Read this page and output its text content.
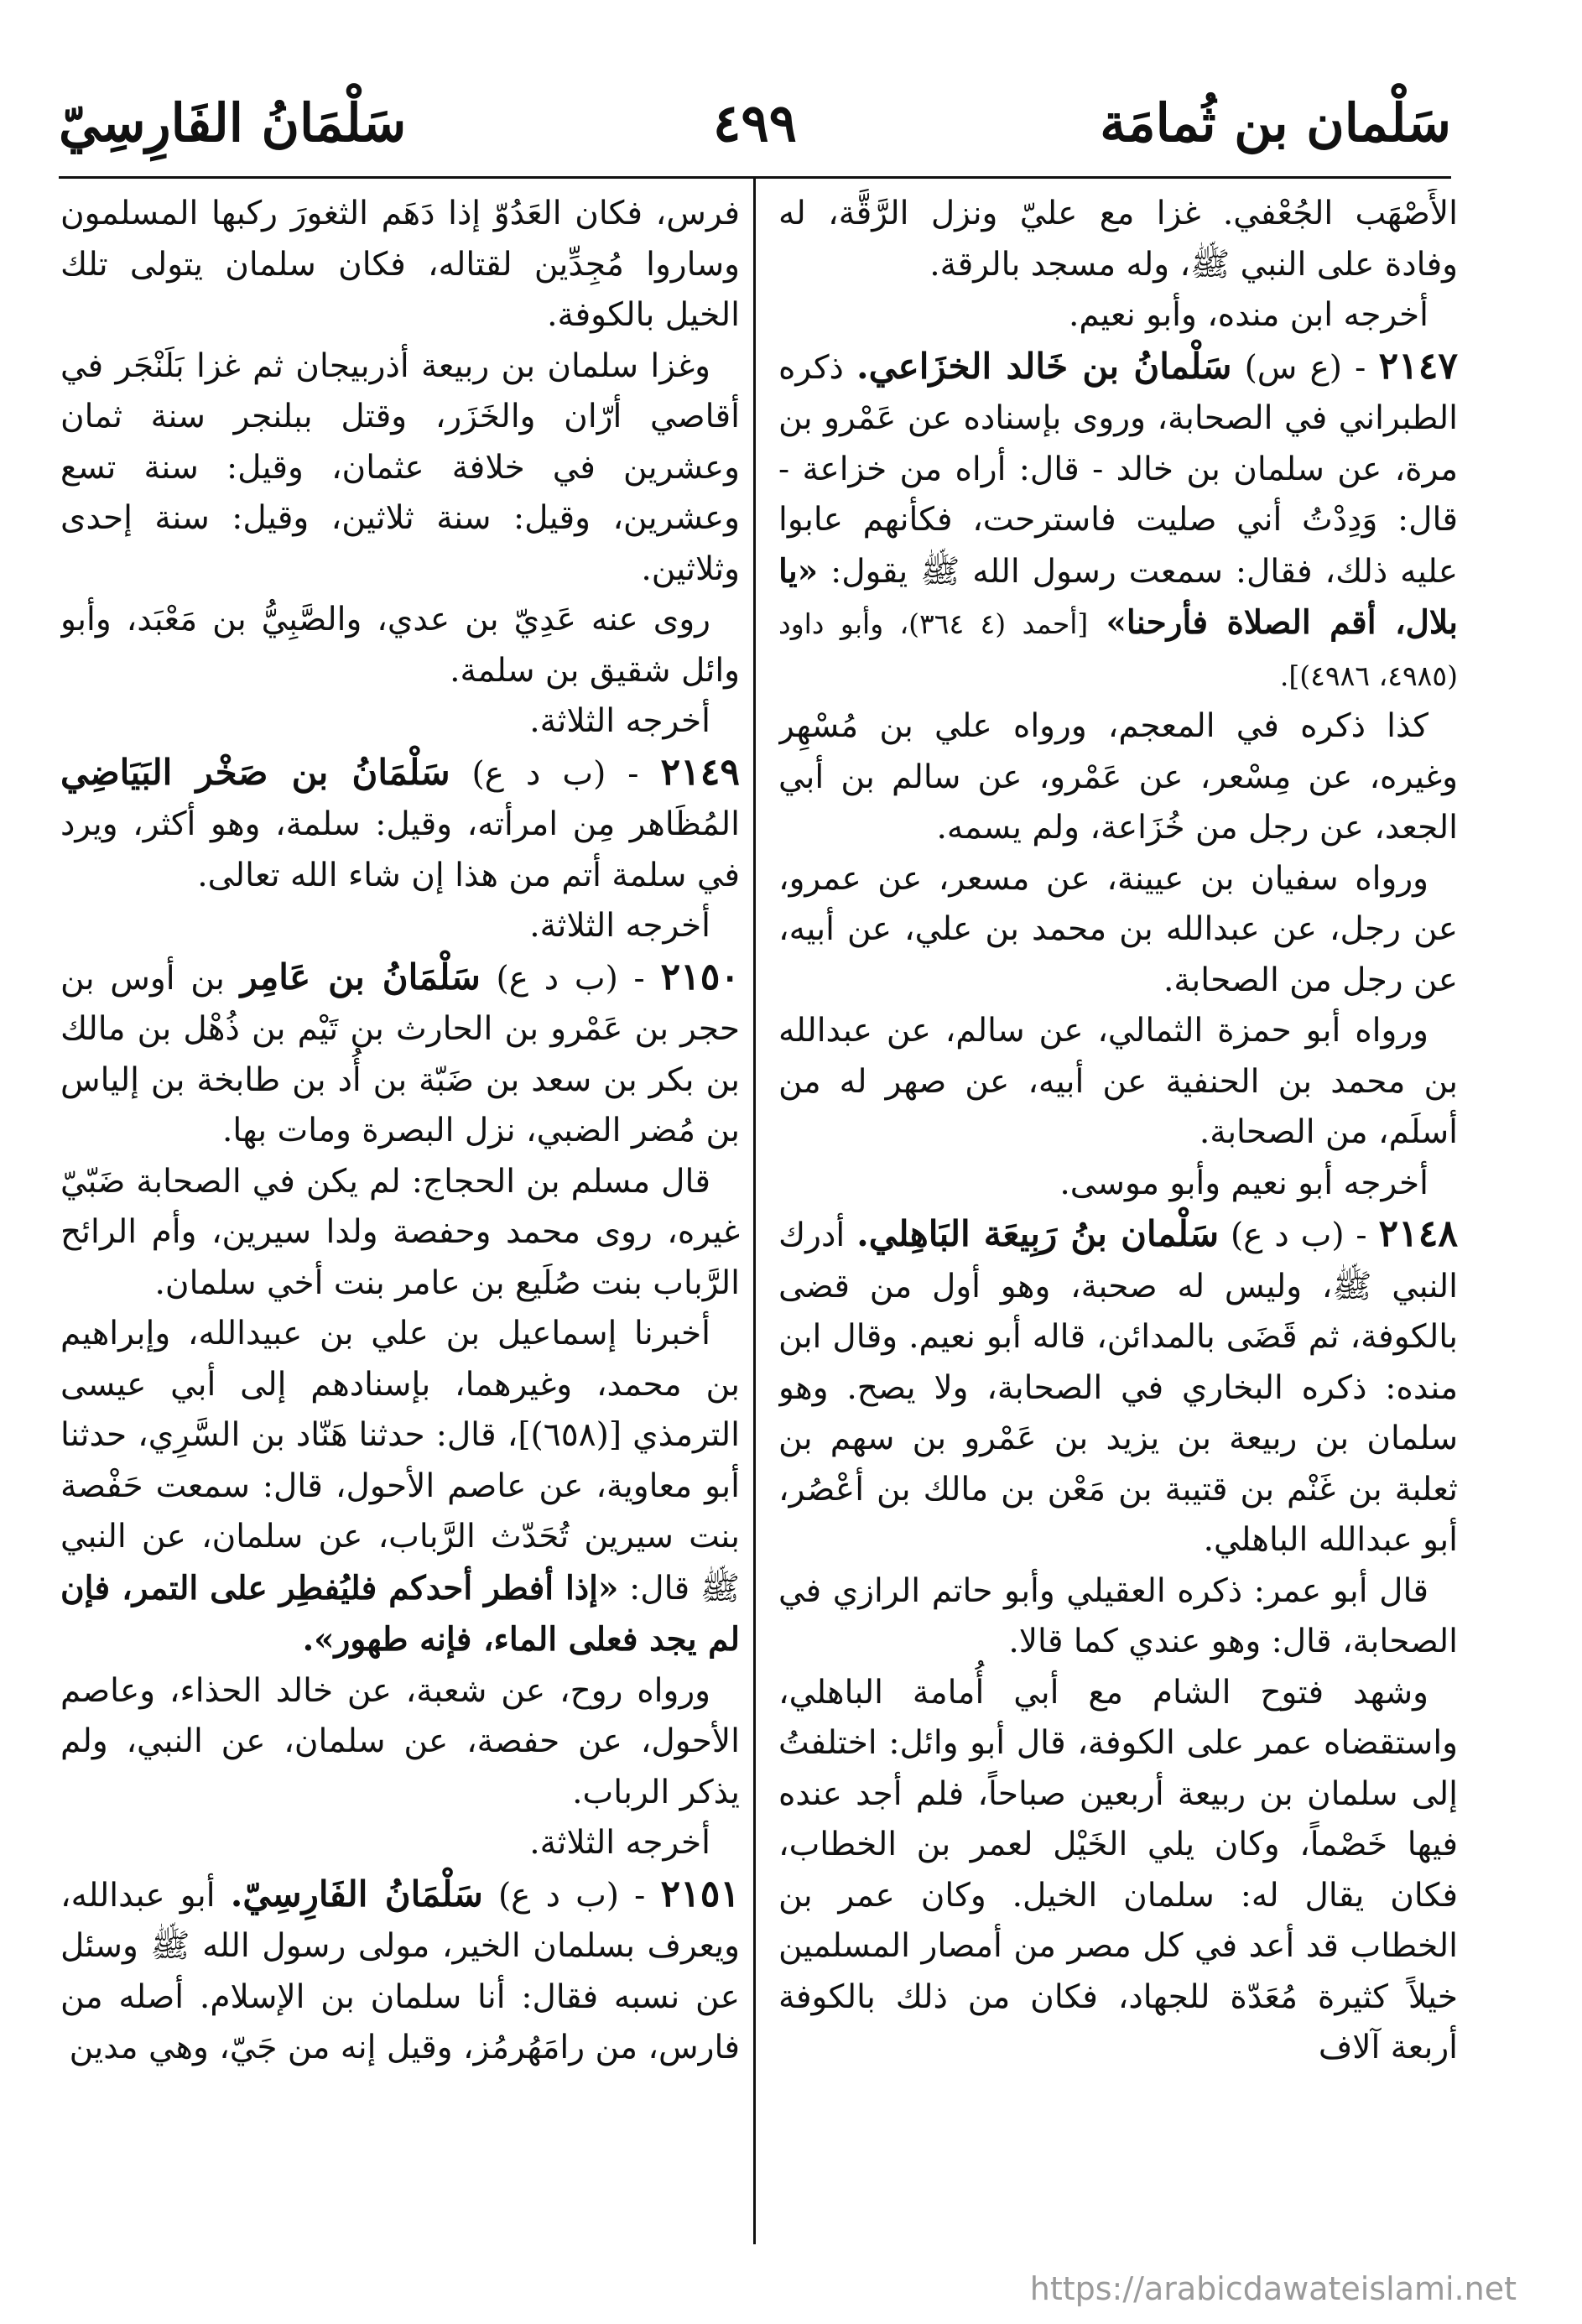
سَلْمان بن ثُمامَة
٤٩٩
سَلْمَانُ الفَارِسِيّ

الأَصْهَب الجُعْفي. غزا مع عليّ ونزل الرَّقَّة، له وفادة على النبي ﷺ، وله مسجد بالرقة.

أخرجه ابن منده، وأبو نعيم.

٢١٤٧ - (ع س) سَلْمانُ بن خَالد الخزَاعي. ذكره الطبراني في الصحابة، وروى بإسناده عن عَمْرو بن مرة، عن سلمان بن خالد - قال: أراه من خزاعة - قال: وَدِدْتُ أني صليت فاسترحت، فكأنهم عابوا عليه ذلك، فقال: سمعت رسول الله ﷺ يقول: «يا بلال، أقم الصلاة فأرحنا» [أحمد (٤ ٣٦٤)، وأبو داود (٤٩٨٥، ٤٩٨٦)].

كذا ذكره في المعجم، ورواه علي بن مُسْهِر وغيره، عن مِسْعر، عن عَمْرو، عن سالم بن أبي الجعد، عن رجل من خُزَاعة، ولم يسمه.

ورواه سفيان بن عيينة، عن مسعر، عن عمرو، عن رجل، عن عبدالله بن محمد بن علي، عن أبيه، عن رجل من الصحابة.

ورواه أبو حمزة الثمالي، عن سالم، عن عبدالله بن محمد بن الحنفية عن أبيه، عن صهر له من أسلَم، من الصحابة.

أخرجه أبو نعيم وأبو موسى.

٢١٤٨ - (ب د ع) سَلْمان بنُ رَبِيعَة البَاهِلي. أدرك النبي ﷺ، وليس له صحبة، وهو أول من قضى بالكوفة، ثم قَضَى بالمدائن، قاله أبو نعيم. وقال ابن منده: ذكره البخاري في الصحابة، ولا يصح. وهو سلمان بن ربيعة بن يزيد بن عَمْرو بن سهم بن ثعلبة بن غَنْم بن قتيبة بن مَعْن بن مالك بن أعْصُر، أبو عبدالله الباهلي.

قال أبو عمر: ذكره العقيلي وأبو حاتم الرازي في الصحابة، قال: وهو عندي كما قالا.

وشهد فتوح الشام مع أبي أُمامة الباهلي، واستقضاه عمر على الكوفة، قال أبو وائل: اختلفتُ إلى سلمان بن ربيعة أربعين صباحاً، فلم أجد عنده فيها خَصْماً، وكان يلي الخَيْل لعمر بن الخطاب، فكان يقال له: سلمان الخيل. وكان عمر بن الخطاب قد أعد في كل مصر من أمصار المسلمين خيلاً كثيرة مُعَدّة للجهاد، فكان من ذلك بالكوفة أربعة آلاف

فرس، فكان العَدُوّ إذا دَهَم الثغورَ ركبها المسلمون وساروا مُجِدِّين لقتاله، فكان سلمان يتولى تلك الخيل بالكوفة.

وغزا سلمان بن ربيعة أذربيجان ثم غزا بَلَنْجَر في أقاصي أرّان والخَزَر، وقتل ببلنجر سنة ثمان وعشرين في خلافة عثمان، وقيل: سنة تسع وعشرين، وقيل: سنة ثلاثين، وقيل: سنة إحدى وثلاثين.

روى عنه عَدِيّ بن عدي، والصَّبِيُّ بن مَعْبَد، وأبو وائل شقيق بن سلمة.

أخرجه الثلاثة.

٢١٤٩ - (ب د ع) سَلْمَانُ بن صَخْر البَيَاضِي المُظَاهر مِن امرأته، وقيل: سلمة، وهو أكثر، ويرد في سلمة أتم من هذا إن شاء الله تعالى.

أخرجه الثلاثة.

٢١٥٠ - (ب د ع) سَلْمَانُ بن عَامِر بن أوس بن حجر بن عَمْرو بن الحارث بن تَيْم بن ذُهْل بن مالك بن بكر بن سعد بن ضَبّة بن أُد بن طابخة بن إلياس بن مُضر الضبي، نزل البصرة ومات بها.

قال مسلم بن الحجاج: لم يكن في الصحابة ضَبّيّ غيره، روى محمد وحفصة ولدا سيرين، وأم الرائح الرَّباب بنت صُلَيع بن عامر بنت أخي سلمان.

أخبرنا إسماعيل بن علي بن عبيدالله، وإبراهيم بن محمد، وغيرهما، بإسنادهم إلى أبي عيسى الترمذي [(٦٥٨)]، قال: حدثنا هَنّاد بن السَّرِي، حدثنا أبو معاوية، عن عاصم الأحول، قال: سمعت حَفْصة بنت سيرين تُحَدّث الرَّباب، عن سلمان، عن النبي ﷺ قال: «إذا أفطر أحدكم فليُفطِر على التمر، فإن لم يجد فعلى الماء، فإنه طهور».

ورواه روح، عن شعبة، عن خالد الحذاء، وعاصم الأحول، عن حفصة، عن سلمان، عن النبي، ولم يذكر الرباب.

أخرجه الثلاثة.

٢١٥١ - (ب د ع) سَلْمَانُ الفَارِسِيّ. أبو عبدالله، ويعرف بسلمان الخير، مولى رسول الله ﷺ وسئل عن نسبه فقال: أنا سلمان بن الإسلام. أصله من فارس، من رامَهُرمُز، وقيل إنه من جَيّ، وهي مدين

https://arabicdawateislami.net
